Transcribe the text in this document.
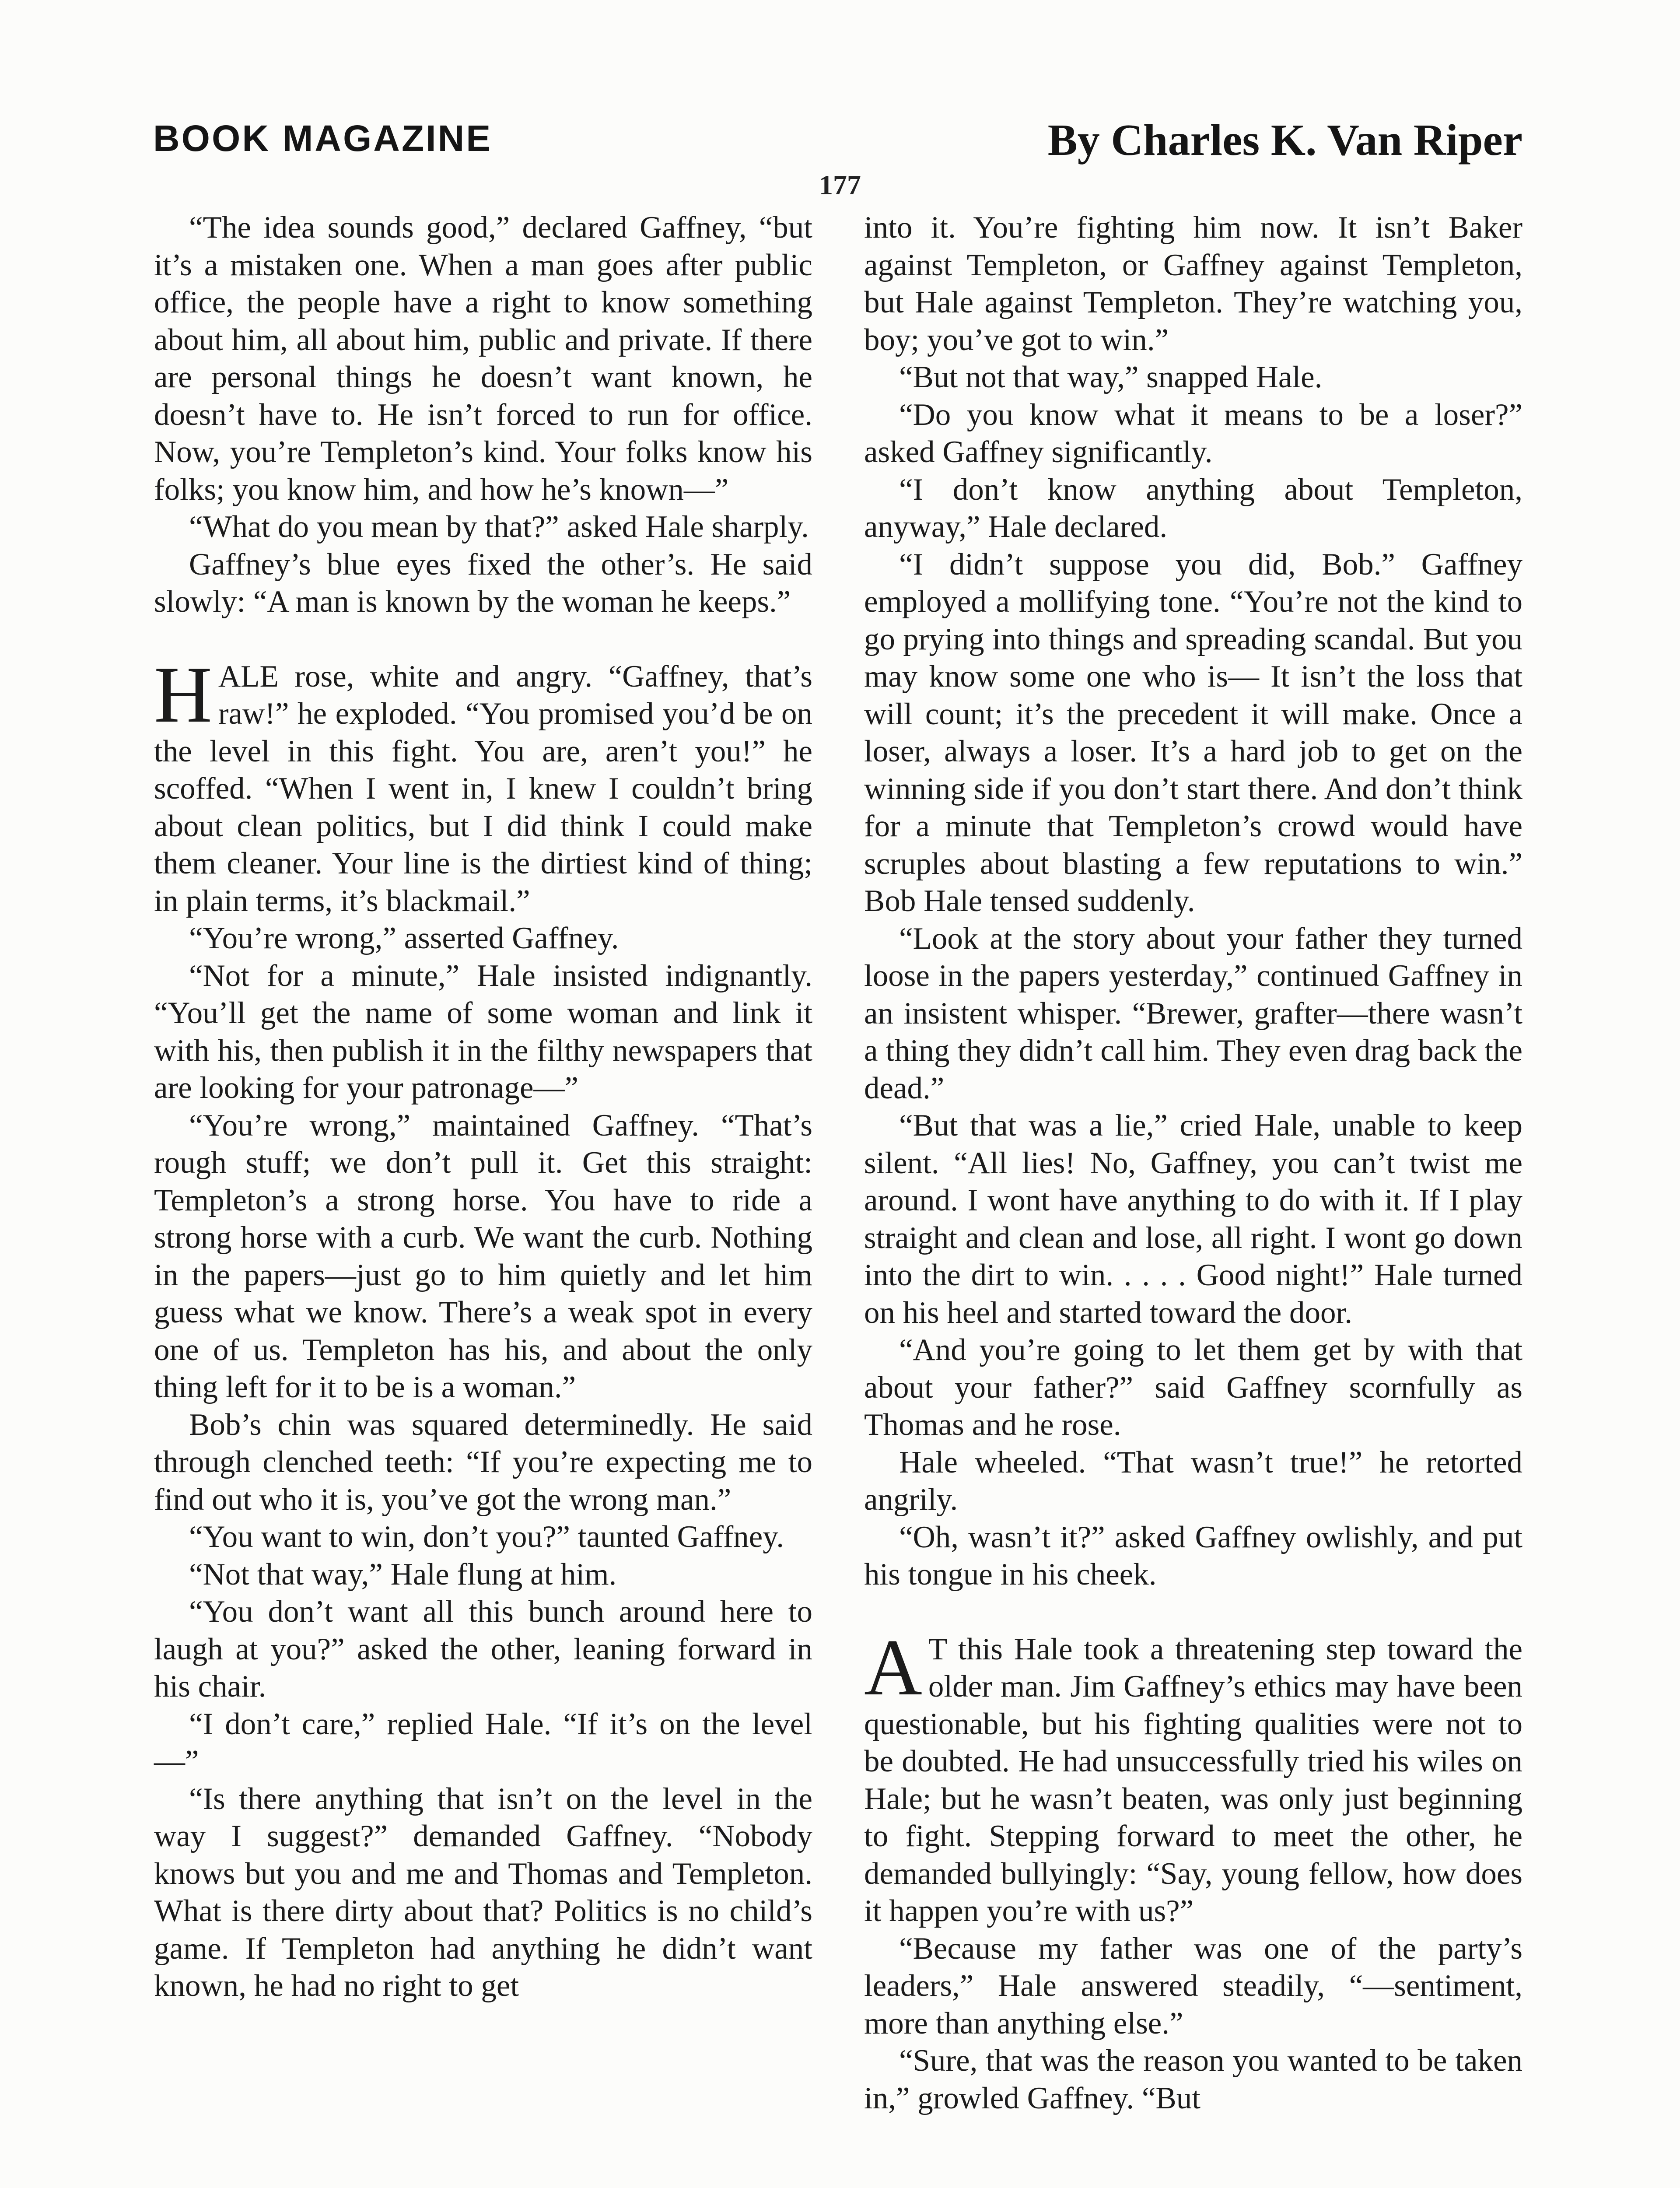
BOOK MAGAZINE	By Charles K. Van Riper
177

“The idea sounds good,” declared Gaffney, “but it’s a mistaken one. When a man goes after public office, the people have a right to know something about him, all about him, public and private. If there are personal things he doesn’t want known, he doesn’t have to. He isn’t forced to run for office. Now, you’re Templeton’s kind. Your folks know his folks; you know him, and how he’s known—”

“What do you mean by that?” asked Hale sharply.

Gaffney’s blue eyes fixed the other’s. He said slowly: “A man is known by the woman he keeps.”

HALE rose, white and angry. “Gaffney, that’s raw!” he exploded. “You promised you’d be on the level in this fight. You are, aren’t you!” he scoffed. “When I went in, I knew I couldn’t bring about clean politics, but I did think I could make them cleaner. Your line is the dirtiest kind of thing; in plain terms, it’s blackmail.”

“You’re wrong,” asserted Gaffney.

“Not for a minute,” Hale insisted indignantly. “You’ll get the name of some woman and link it with his, then publish it in the filthy newspapers that are looking for your patronage—”

“You’re wrong,” maintained Gaffney. “That’s rough stuff; we don’t pull it. Get this straight: Templeton’s a strong horse. You have to ride a strong horse with a curb. We want the curb. Nothing in the papers—just go to him quietly and let him guess what we know. There’s a weak spot in every one of us. Templeton has his, and about the only thing left for it to be is a woman.”

Bob’s chin was squared determinedly. He said through clenched teeth: “If you’re expecting me to find out who it is, you’ve got the wrong man.”

“You want to win, don’t you?” taunted Gaffney.

“Not that way,” Hale flung at him.

“You don’t want all this bunch around here to laugh at you?” asked the other, leaning forward in his chair.

“I don’t care,” replied Hale. “If it’s on the level—”

“Is there anything that isn’t on the level in the way I suggest?” demanded Gaffney. “Nobody knows but you and me and Thomas and Templeton. What is there dirty about that? Politics is no child’s game. If Templeton had anything he didn’t want known, he had no right to get

into it. You’re fighting him now. It isn’t Baker against Templeton, or Gaffney against Templeton, but Hale against Templeton. They’re watching you, boy; you’ve got to win.”

“But not that way,” snapped Hale.

“Do you know what it means to be a loser?” asked Gaffney significantly.

“I don’t know anything about Templeton, anyway,” Hale declared.

“I didn’t suppose you did, Bob.” Gaffney employed a mollifying tone. “You’re not the kind to go prying into things and spreading scandal. But you may know some one who is— It isn’t the loss that will count; it’s the precedent it will make. Once a loser, always a loser. It’s a hard job to get on the winning side if you don’t start there. And don’t think for a minute that Templeton’s crowd would have scruples about blasting a few reputations to win.” Bob Hale tensed suddenly.

“Look at the story about your father they turned loose in the papers yesterday,” continued Gaffney in an insistent whisper. “Brewer, grafter—there wasn’t a thing they didn’t call him. They even drag back the dead.”

“But that was a lie,” cried Hale, unable to keep silent. “All lies! No, Gaffney, you can’t twist me around. I wont have anything to do with it. If I play straight and clean and lose, all right. I wont go down into the dirt to win. . . . . Good night!” Hale turned on his heel and started toward the door.

“And you’re going to let them get by with that about your father?” said Gaffney scornfully as Thomas and he rose.

Hale wheeled. “That wasn’t true!” he retorted angrily.

“Oh, wasn’t it?” asked Gaffney owlishly, and put his tongue in his cheek.

A T this Hale took a threatening step toward the older man. Jim Gaffney’s ethics may have been questionable, but his fighting qualities were not to be doubted. He had unsuccessfully tried his wiles on Hale; but he wasn’t beaten, was only just beginning to fight. Stepping forward to meet the other, he demanded bullyingly: “Say, young fellow, how does it happen you’re with us?”

“Because my father was one of the party’s leaders,” Hale answered steadily, “—sentiment, more than anything else.”

“Sure, that was the reason you wanted to be taken in,” growled Gaffney. “But
